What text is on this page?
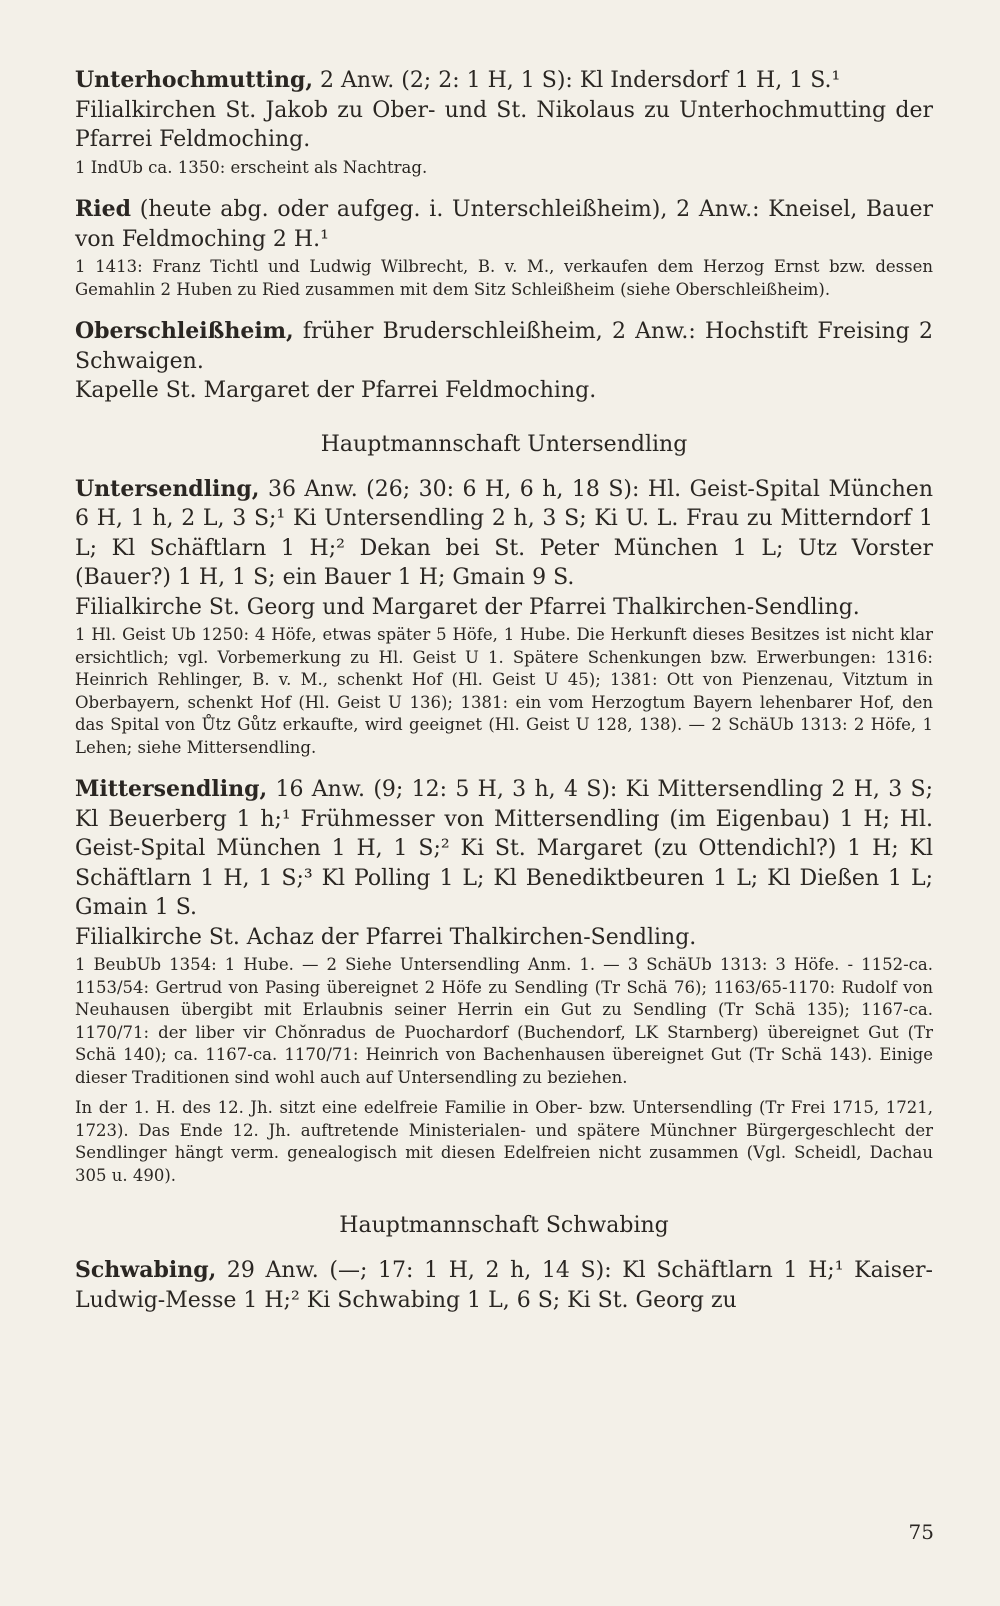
Unterhochmutting, 2 Anw. (2; 2: 1 H, 1 S): Kl Indersdorf 1 H, 1 S.¹
Filialkirchen St. Jakob zu Ober- und St. Nikolaus zu Unterhochmutting der Pfarrei Feldmoching.

1 IndUb ca. 1350: erscheint als Nachtrag.

Ried (heute abg. oder aufgeg. i. Unterschleißheim), 2 Anw.: Kneisel, Bauer von Feldmoching 2 H.¹

1 1413: Franz Tichtl und Ludwig Wilbrecht, B. v. M., verkaufen dem Herzog Ernst bzw. dessen Gemahlin 2 Huben zu Ried zusammen mit dem Sitz Schleißheim (siehe Oberschleißheim).

Oberschleißheim, früher Bruderschleißheim, 2 Anw.: Hochstift Freising 2 Schwaigen.
Kapelle St. Margaret der Pfarrei Feldmoching.

Hauptmannschaft Untersendling

Untersendling, 36 Anw. (26; 30: 6 H, 6 h, 18 S): Hl. Geist-Spital München 6 H, 1 h, 2 L, 3 S;¹ Ki Untersendling 2 h, 3 S; Ki U. L. Frau zu Mitterndorf 1 L; Kl Schäftlarn 1 H;² Dekan bei St. Peter München 1 L; Utz Vorster (Bauer?) 1 H, 1 S; ein Bauer 1 H; Gmain 9 S.
Filialkirche St. Georg und Margaret der Pfarrei Thalkirchen-Sendling.

1 Hl. Geist Ub 1250: 4 Höfe, etwas später 5 Höfe, 1 Hube. Die Herkunft dieses Besitzes ist nicht klar ersichtlich; vgl. Vorbemerkung zu Hl. Geist U 1. Spätere Schenkungen bzw. Erwerbungen: 1316: Heinrich Rehlinger, B. v. M., schenkt Hof (Hl. Geist U 45); 1381: Ott von Pienzenau, Vitztum in Oberbayern, schenkt Hof (Hl. Geist U 136); 1381: ein vom Herzogtum Bayern lehenbarer Hof, den das Spital von Ůtz Gůtz erkaufte, wird geeignet (Hl. Geist U 128, 138). — 2 SchäUb 1313: 2 Höfe, 1 Lehen; siehe Mittersendling.

Mittersendling, 16 Anw. (9; 12: 5 H, 3 h, 4 S): Ki Mittersendling 2 H, 3 S; Kl Beuerberg 1 h;¹ Frühmesser von Mittersendling (im Eigenbau) 1 H; Hl. Geist-Spital München 1 H, 1 S;² Ki St. Margaret (zu Ottendichl?) 1 H; Kl Schäftlarn 1 H, 1 S;³ Kl Polling 1 L; Kl Benediktbeuren 1 L; Kl Dießen 1 L; Gmain 1 S.
Filialkirche St. Achaz der Pfarrei Thalkirchen-Sendling.

1 BeubUb 1354: 1 Hube. — 2 Siehe Untersendling Anm. 1. — 3 SchäUb 1313: 3 Höfe. - 1152-ca. 1153/54: Gertrud von Pasing übereignet 2 Höfe zu Sendling (Tr Schä 76); 1163/65-1170: Rudolf von Neuhausen übergibt mit Erlaubnis seiner Herrin ein Gut zu Sendling (Tr Schä 135); 1167-ca. 1170/71: der liber vir Chŏnradus de Puochardorf (Buchendorf, LK Starnberg) übereignet Gut (Tr Schä 140); ca. 1167-ca. 1170/71: Heinrich von Bachenhausen übereignet Gut (Tr Schä 143). Einige dieser Traditionen sind wohl auch auf Untersendling zu beziehen.

In der 1. H. des 12. Jh. sitzt eine edelfreie Familie in Ober- bzw. Untersendling (Tr Frei 1715, 1721, 1723). Das Ende 12. Jh. auftretende Ministerialen- und spätere Münchner Bürgergeschlecht der Sendlinger hängt verm. genealogisch mit diesen Edelfreien nicht zusammen (Vgl. Scheidl, Dachau 305 u. 490).

Hauptmannschaft Schwabing

Schwabing, 29 Anw. (—; 17: 1 H, 2 h, 14 S): Kl Schäftlarn 1 H;¹ Kaiser-Ludwig-Messe 1 H;² Ki Schwabing 1 L, 6 S; Ki St. Georg zu

75
